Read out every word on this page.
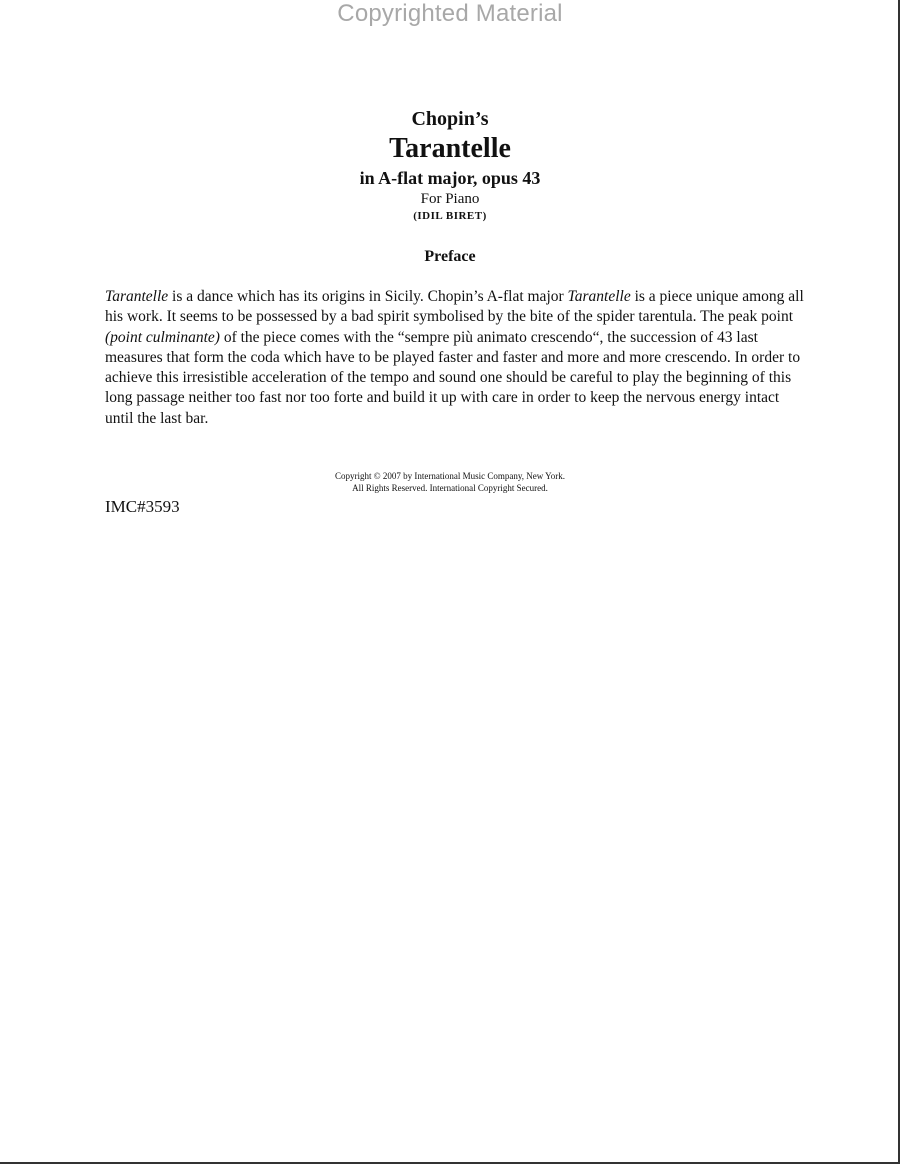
Copyrighted Material
Chopin’s
Tarantelle
in A-flat major, opus 43
For Piano
(IDIL BIRET)
Preface

Tarantelle is a dance which has its origins in Sicily. Chopin’s A-flat major Tarantelle is a piece unique among all his work. It seems to be possessed by a bad spirit symbolised by the bite of the spider tarentula. The peak point (point culminante) of the piece comes with the “sempre più animato crescendo“, the succession of 43 last measures that form the coda which have to be played faster and faster and more and more crescendo. In order to achieve this irresistible acceleration of the tempo and sound one should be careful to play the beginning of this long passage neither too fast nor too forte and build it up with care in order to keep the nervous energy intact until the last bar.

Copyright © 2007 by International Music Company, New York.
All Rights Reserved. International Copyright Secured.
IMC#3593
